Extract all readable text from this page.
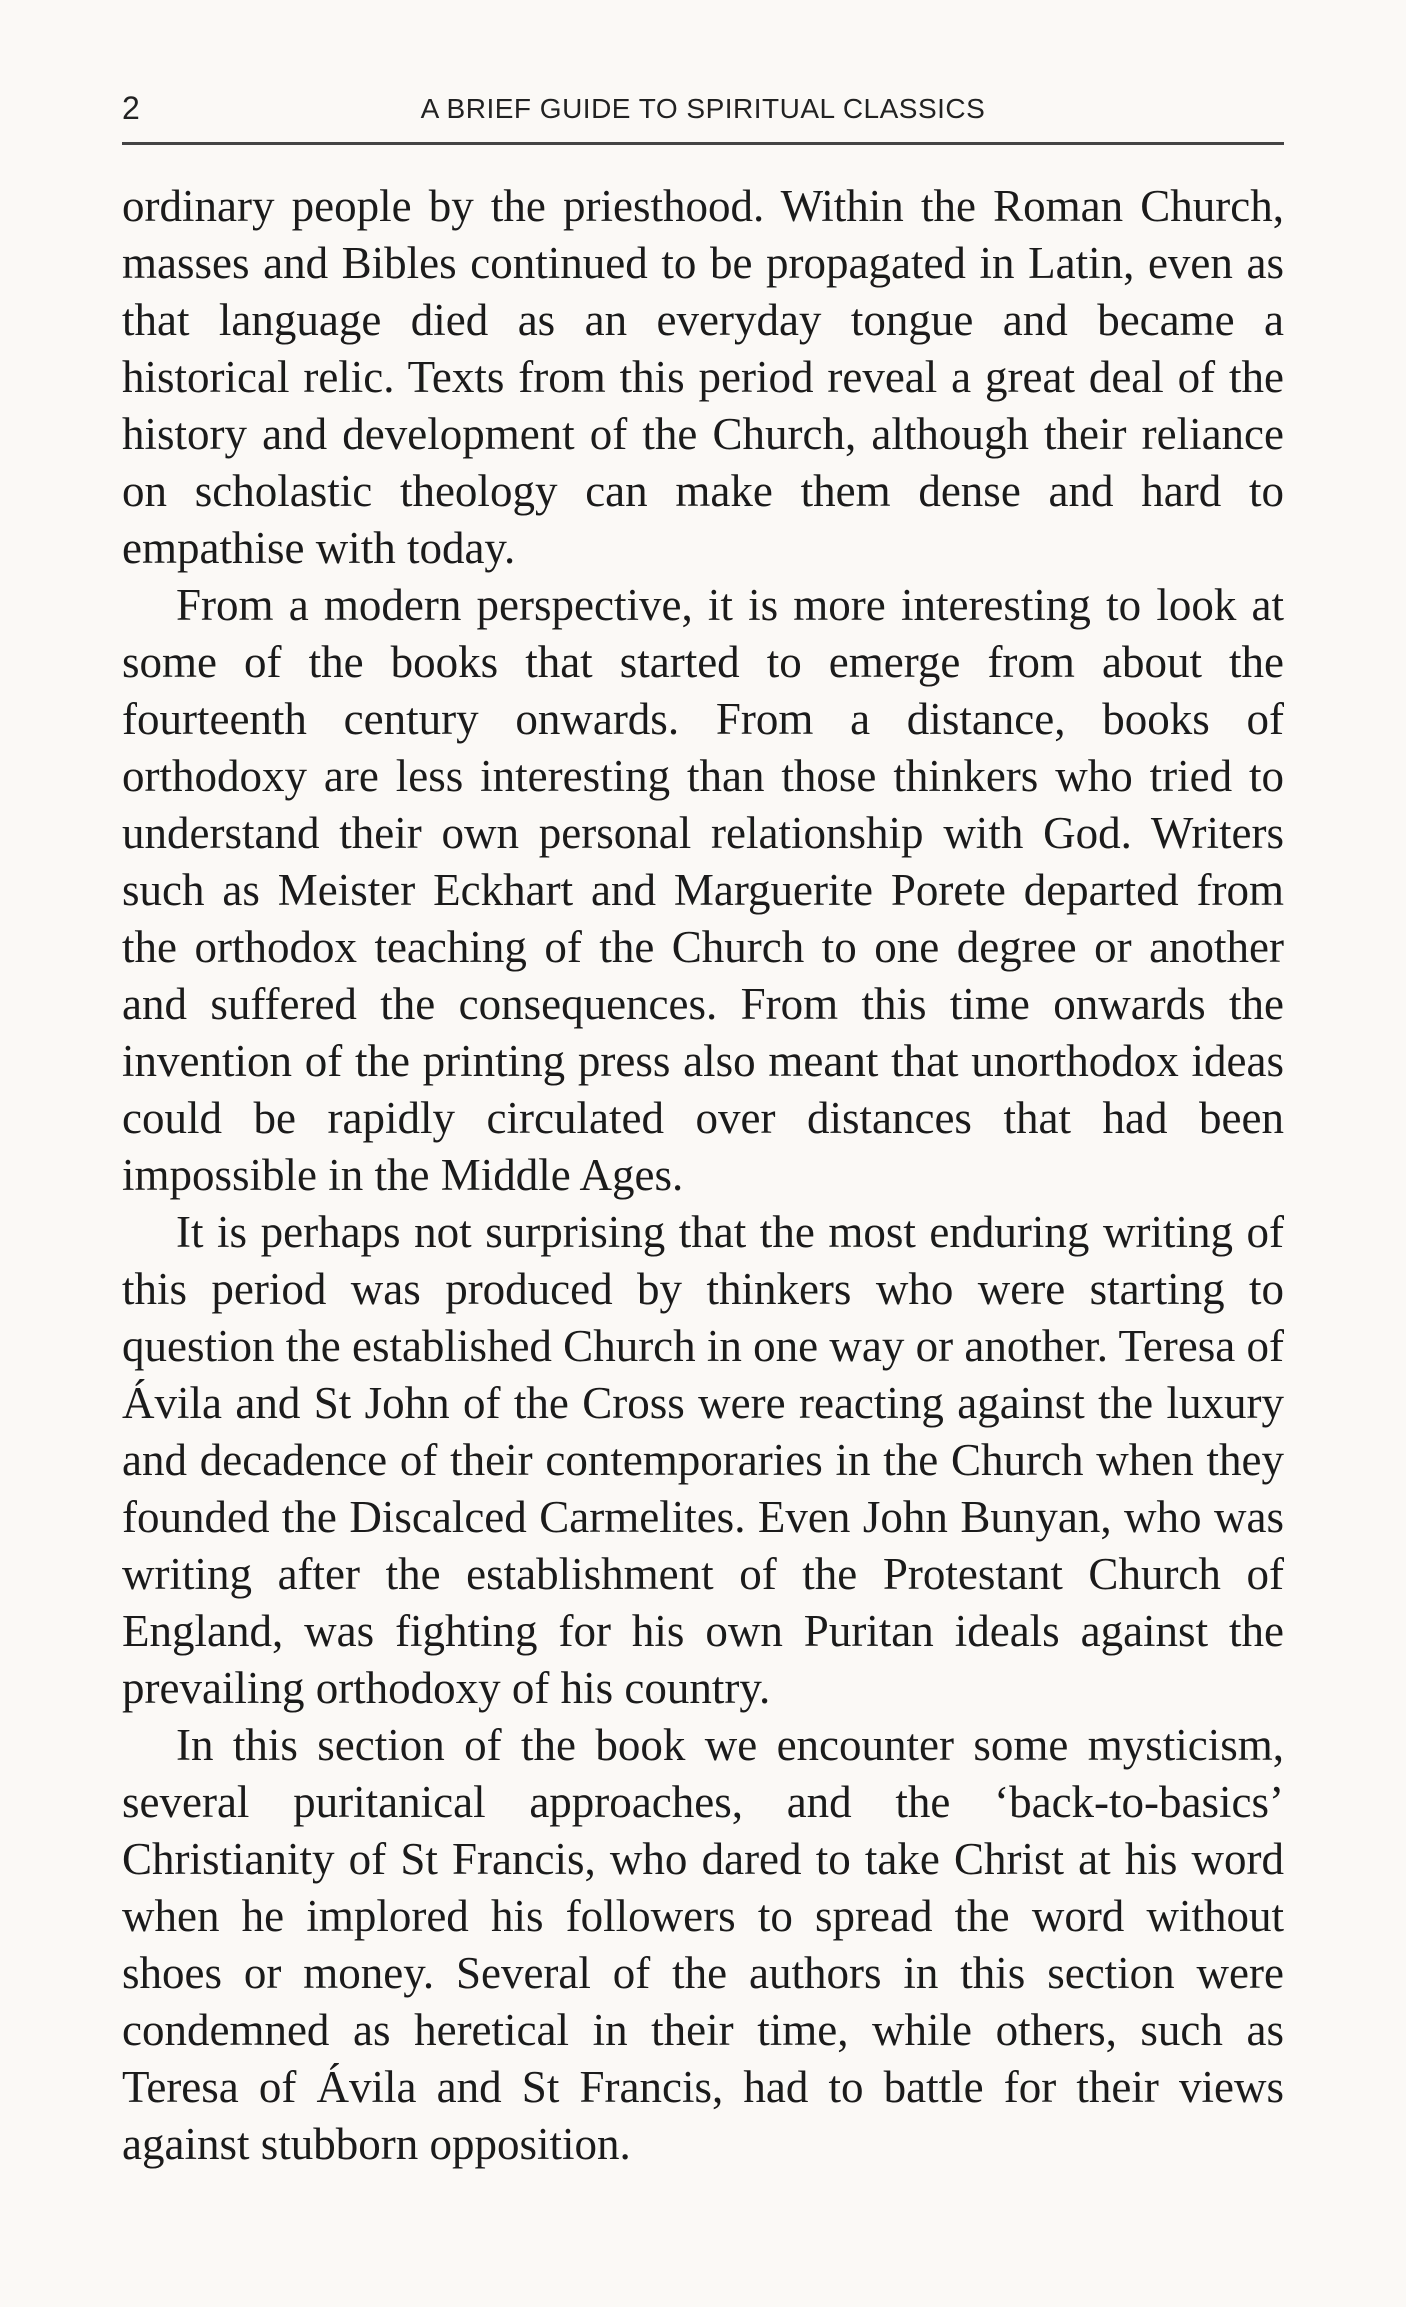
2	A BRIEF GUIDE TO SPIRITUAL CLASSICS

ordinary people by the priesthood. Within the Roman Church, masses and Bibles continued to be propagated in Latin, even as that language died as an everyday tongue and became a historical relic. Texts from this period reveal a great deal of the history and development of the Church, although their reliance on scholastic theology can make them dense and hard to empathise with today.

From a modern perspective, it is more interesting to look at some of the books that started to emerge from about the fourteenth century onwards. From a distance, books of orthodoxy are less interesting than those thinkers who tried to understand their own personal relationship with God. Writers such as Meister Eckhart and Marguerite Porete departed from the orthodox teaching of the Church to one degree or another and suffered the consequences. From this time onwards the invention of the printing press also meant that unorthodox ideas could be rapidly circulated over distances that had been impossible in the Middle Ages.

It is perhaps not surprising that the most enduring writing of this period was produced by thinkers who were starting to question the established Church in one way or another. Teresa of Ávila and St John of the Cross were reacting against the luxury and decadence of their contemporaries in the Church when they founded the Discalced Carmelites. Even John Bunyan, who was writing after the establishment of the Protestant Church of England, was fighting for his own Puritan ideals against the prevailing orthodoxy of his country.

In this section of the book we encounter some mysticism, several puritanical approaches, and the ‘back-to-basics’ Christianity of St Francis, who dared to take Christ at his word when he implored his followers to spread the word without shoes or money. Several of the authors in this section were condemned as heretical in their time, while others, such as Teresa of Ávila and St Francis, had to battle for their views against stubborn opposition.
